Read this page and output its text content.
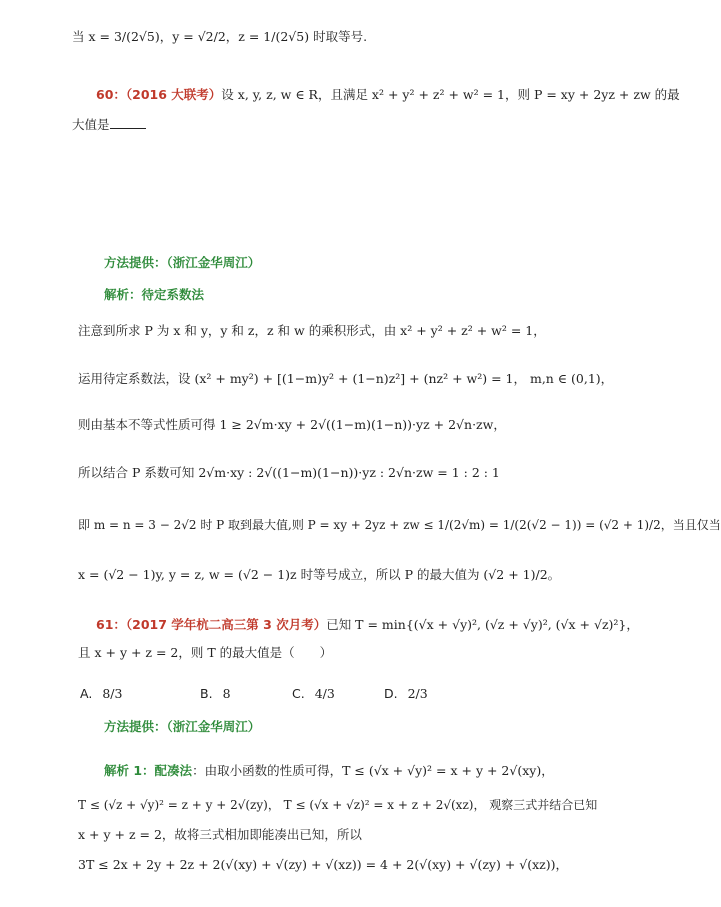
当 x = 3/(2√5)，y = √2/2，z = 1/(2√5) 时取等号.
60：（2016 大联考）设 x, y, z, w ∈ R，且满足 x² + y² + z² + w² = 1，则 P = xy + 2yz + zw 的最
大值是
方法提供：（浙江金华周江）
解析：待定系数法
注意到所求 P 为 x 和 y，y 和 z，z 和 w 的乘积形式，由 x² + y² + z² + w² = 1，
运用待定系数法，设 (x² + my²) + [(1−m)y² + (1−n)z²] + (nz² + w²) = 1， m,n ∈ (0,1)，
则由基本不等式性质可得 1 ≥ 2√m·xy + 2√((1−m)(1−n))·yz + 2√n·zw，
所以结合 P 系数可知 2√m·xy : 2√((1−m)(1−n))·yz : 2√n·zw = 1 : 2 : 1
即 m = n = 3 − 2√2 时 P 取到最大值,则 P = xy + 2yz + zw ≤ 1/(2√m) = 1/(2(√2 − 1)) = (√2 + 1)/2，当且仅当
x = (√2 − 1)y, y = z, w = (√2 − 1)z 时等号成立，所以 P 的最大值为 (√2 + 1)/2。
61：（2017 学年杭二高三第 3 次月考）已知 T = min{(√x + √y)², (√z + √y)², (√x + √z)²}，
且 x + y + z = 2，则 T 的最大值是（　　）
A. 8/3	B. 8	C. 4/3	D. 2/3
方法提供：（浙江金华周江）
解析 1：配凑法：由取小函数的性质可得，T ≤ (√x + √y)² = x + y + 2√(xy)，
T ≤ (√z + √y)² = z + y + 2√(zy)， T ≤ (√x + √z)² = x + z + 2√(xz)， 观察三式并结合已知
x + y + z = 2，故将三式相加即能凑出已知，所以
3T ≤ 2x + 2y + 2z + 2(√(xy) + √(zy) + √(xz)) = 4 + 2(√(xy) + √(zy) + √(xz))，
